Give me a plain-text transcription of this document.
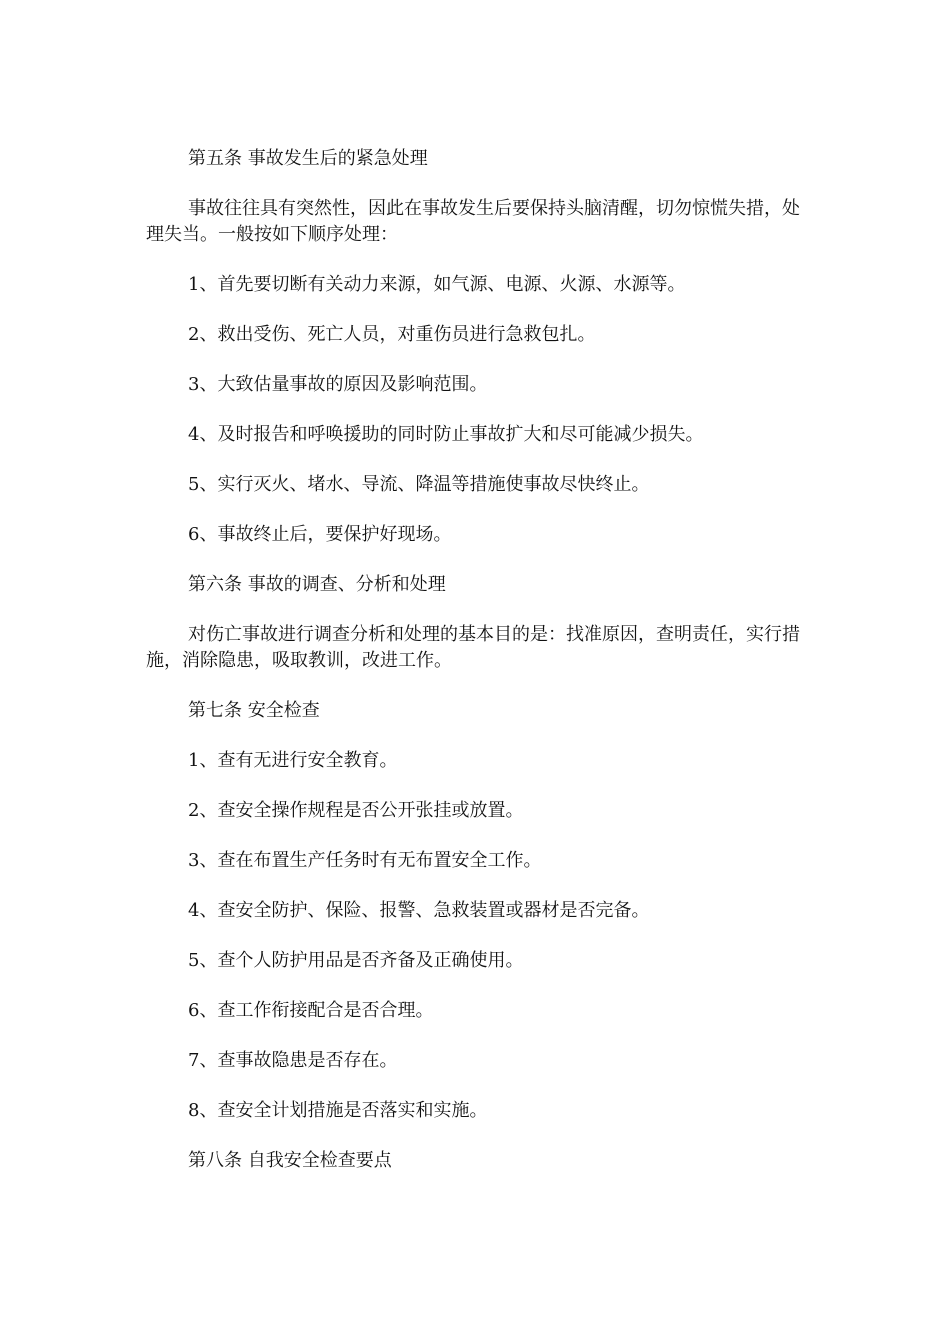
第五条 事故发生后的紧急处理

事故往往具有突然性，因此在事故发生后要保持头脑清醒，切勿惊慌失措，处理失当。一般按如下顺序处理：

1、首先要切断有关动力来源，如气源、电源、火源、水源等。

2、救出受伤、死亡人员，对重伤员进行急救包扎。

3、大致估量事故的原因及影响范围。

4、及时报告和呼唤援助的同时防止事故扩大和尽可能减少损失。

5、实行灭火、堵水、导流、降温等措施使事故尽快终止。

6、事故终止后，要保护好现场。

第六条 事故的调查、分析和处理

对伤亡事故进行调查分析和处理的基本目的是：找准原因，查明责任，实行措施，消除隐患，吸取教训，改进工作。

第七条 安全检查

1、查有无进行安全教育。

2、查安全操作规程是否公开张挂或放置。

3、查在布置生产任务时有无布置安全工作。

4、查安全防护、保险、报警、急救装置或器材是否完备。

5、查个人防护用品是否齐备及正确使用。

6、查工作衔接配合是否合理。

7、查事故隐患是否存在。

8、查安全计划措施是否落实和实施。

第八条 自我安全检查要点
